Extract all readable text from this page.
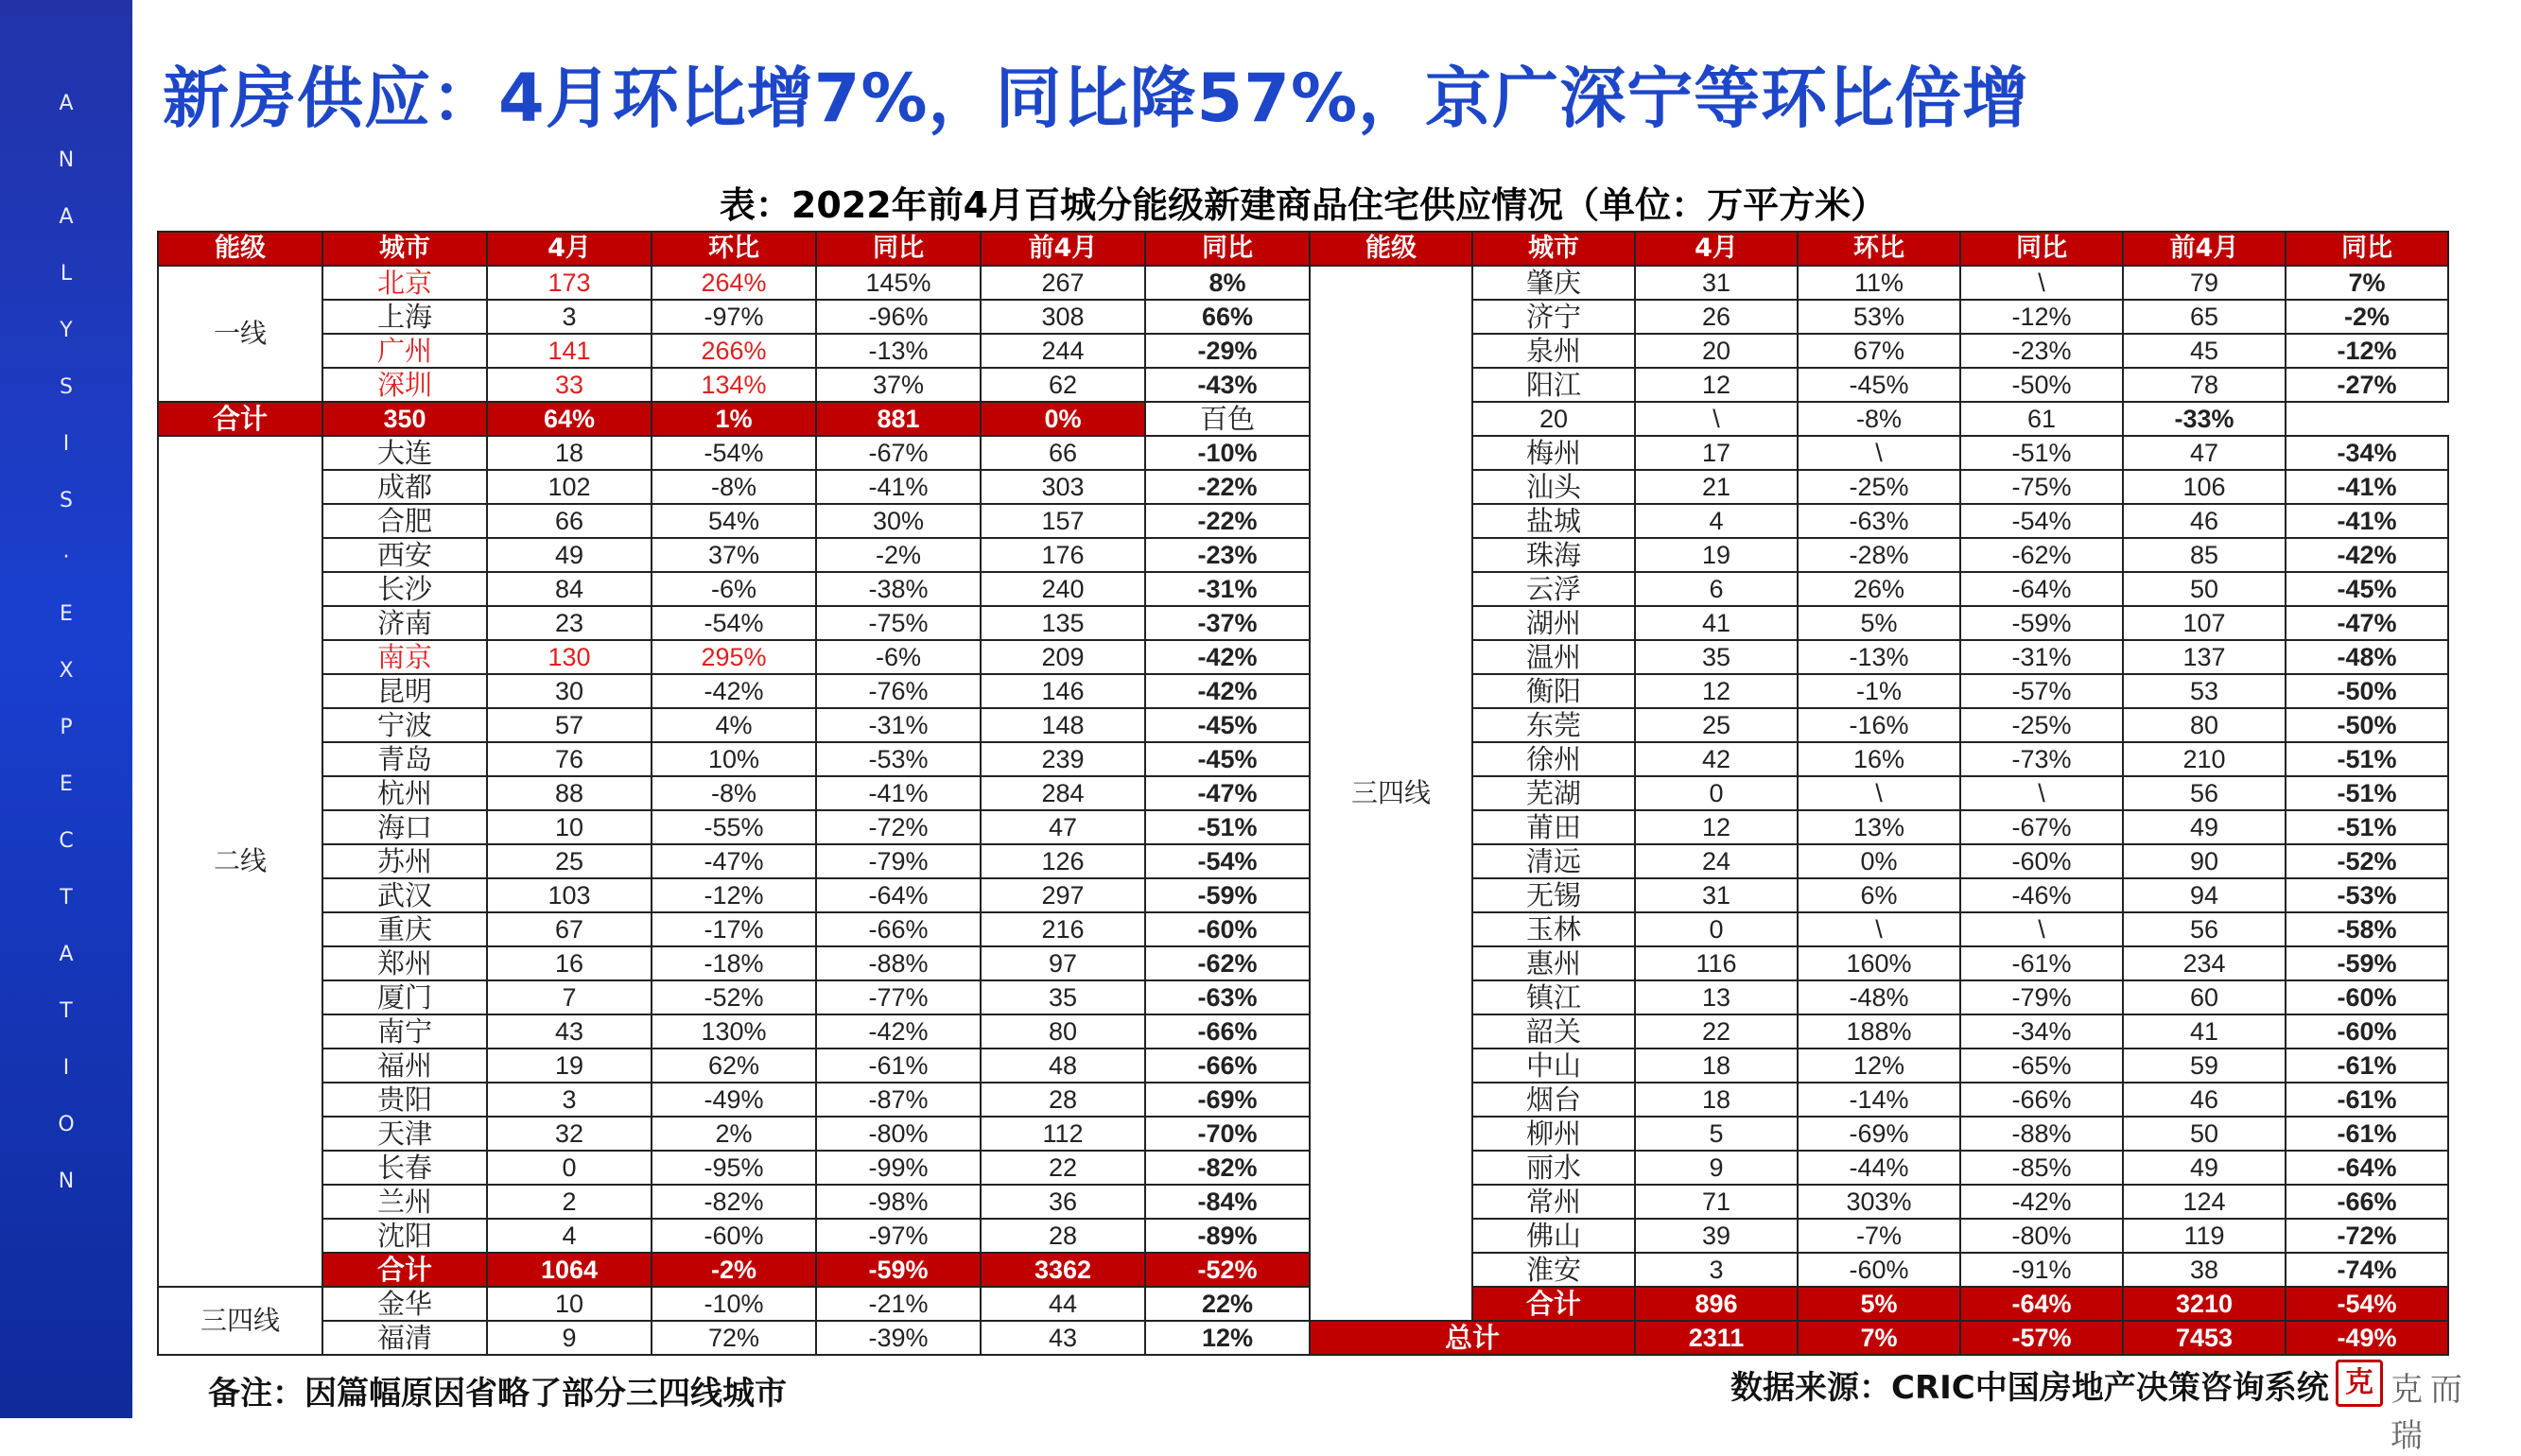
A
N
A
L
Y
S
I
S
·
E
X
P
E
C
T
A
T
I
O
N
新房供应：4月环比增7%，同比降57%，京广深宁等环比倍增
表：2022年前4月百城分能级新建商品住宅供应情况（单位：万平方米）
能级	城市	4月	环比	同比	前4月	同比	能级	城市	4月	环比	同比	前4月	同比
一线	北京	173	264%	145%	267	8%	三四线	肇庆	31	11%	\	79	7%
	上海	3	-97%	-96%	308	66%		济宁	26	53%	-12%	65	-2%
	广州	141	266%	-13%	244	-29%		泉州	20	67%	-23%	45	-12%
	深圳	33	134%	37%	62	-43%		阳江	12	-45%	-50%	78	-27%
合计	350	64%	1%	881	0%	百色		20	\	-8%	61	-33%	
二线	大连	18	-54%	-67%	66	-10%		梅州	17	\	-51%	47	-34%
	成都	102	-8%	-41%	303	-22%		汕头	21	-25%	-75%	106	-41%
	合肥	66	54%	30%	157	-22%		盐城	4	-63%	-54%	46	-41%
	西安	49	37%	-2%	176	-23%		珠海	19	-28%	-62%	85	-42%
	长沙	84	-6%	-38%	240	-31%		云浮	6	26%	-64%	50	-45%
	济南	23	-54%	-75%	135	-37%		湖州	41	5%	-59%	107	-47%
	南京	130	295%	-6%	209	-42%		温州	35	-13%	-31%	137	-48%
	昆明	30	-42%	-76%	146	-42%		衡阳	12	-1%	-57%	53	-50%
	宁波	57	4%	-31%	148	-45%		东莞	25	-16%	-25%	80	-50%
	青岛	76	10%	-53%	239	-45%		徐州	42	16%	-73%	210	-51%
	杭州	88	-8%	-41%	284	-47%		芜湖	0	\	\	56	-51%
	海口	10	-55%	-72%	47	-51%		莆田	12	13%	-67%	49	-51%
	苏州	25	-47%	-79%	126	-54%		清远	24	0%	-60%	90	-52%
	武汉	103	-12%	-64%	297	-59%		无锡	31	6%	-46%	94	-53%
	重庆	67	-17%	-66%	216	-60%		玉林	0	\	\	56	-58%
	郑州	16	-18%	-88%	97	-62%		惠州	116	160%	-61%	234	-59%
	厦门	7	-52%	-77%	35	-63%		镇江	13	-48%	-79%	60	-60%
	南宁	43	130%	-42%	80	-66%		韶关	22	188%	-34%	41	-60%
	福州	19	62%	-61%	48	-66%		中山	18	12%	-65%	59	-61%
	贵阳	3	-49%	-87%	28	-69%		烟台	18	-14%	-66%	46	-61%
	天津	32	2%	-80%	112	-70%		柳州	5	-69%	-88%	50	-61%
	长春	0	-95%	-99%	22	-82%		丽水	9	-44%	-85%	49	-64%
	兰州	2	-82%	-98%	36	-84%		常州	71	303%	-42%	124	-66%
	沈阳	4	-60%	-97%	28	-89%		佛山	39	-7%	-80%	119	-72%
	合计	1064	-2%	-59%	3362	-52%		淮安	3	-60%	-91%	38	-74%
三四线	金华	10	-10%	-21%	44	22%		合计	896	5%	-64%	3210	-54%
	福清	9	72%	-39%	43	12%	总计		2311	7%	-57%	7453	-49%
备注：因篇幅原因省略了部分三四线城市	数据来源：CRIC中国房地产决策咨询系统 克 克而瑞
